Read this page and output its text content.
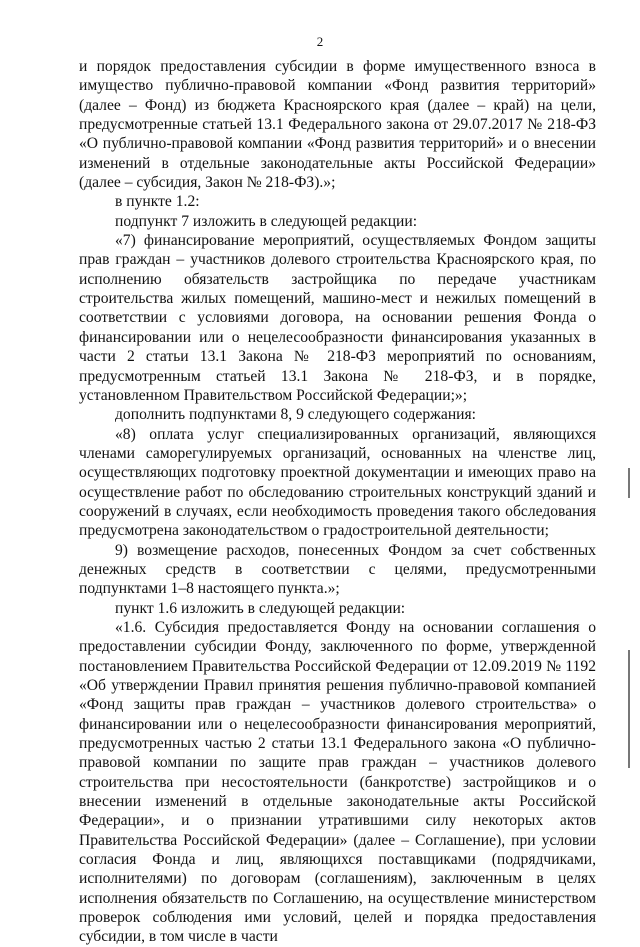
2

и порядок предоставления субсидии в форме имущественного взноса в имущество публично-правовой компании «Фонд развития территорий» (далее – Фонд) из бюджета Красноярского края (далее – край) на цели, предусмотренные статьей 13.1 Федерального закона от 29.07.2017 № 218-ФЗ «О публично-правовой компании «Фонд развития территорий» и о внесении изменений в отдельные законодательные акты Российской Федерации» (далее – субсидия, Закон № 218-ФЗ).»;

в пункте 1.2:

подпункт 7 изложить в следующей редакции:

«7) финансирование мероприятий, осуществляемых Фондом защиты прав граждан – участников долевого строительства Красноярского края, по исполнению обязательств застройщика по передаче участникам строительства жилых помещений, машино-мест и нежилых помещений в соответствии с условиями договора, на основании решения Фонда о финансировании или о нецелесообразности финансирования указанных в части 2 статьи 13.1 Закона № 218-ФЗ мероприятий по основаниям, предусмотренным статьей 13.1 Закона № 218-ФЗ, и в порядке, установленном Правительством Российской Федерации;»;

дополнить подпунктами 8, 9 следующего содержания:

«8) оплата услуг специализированных организаций, являющихся членами саморегулируемых организаций, основанных на членстве лиц, осуществляющих подготовку проектной документации и имеющих право на осуществление работ по обследованию строительных конструкций зданий и сооружений в случаях, если необходимость проведения такого обследования предусмотрена законодательством о градостроительной деятельности;

9) возмещение расходов, понесенных Фондом за счет собственных денежных средств в соответствии с целями, предусмотренными подпунктами 1–8 настоящего пункта.»;

пункт 1.6 изложить в следующей редакции:

«1.6. Субсидия предоставляется Фонду на основании соглашения о предоставлении субсидии Фонду, заключенного по форме, утвержденной постановлением Правительства Российской Федерации от 12.09.2019 № 1192 «Об утверждении Правил принятия решения публично-правовой компанией «Фонд защиты прав граждан – участников долевого строительства» о финансировании или о нецелесообразности финансирования мероприятий, предусмотренных частью 2 статьи 13.1 Федерального закона «О публично-правовой компании по защите прав граждан – участников долевого строительства при несостоятельности (банкротстве) застройщиков и о внесении изменений в отдельные законодательные акты Российской Федерации», и о признании утратившими силу некоторых актов Правительства Российской Федерации» (далее – Соглашение), при условии согласия Фонда и лиц, являющихся поставщиками (подрядчиками, исполнителями) по договорам (соглашениям), заключенным в целях исполнения обязательств по Соглашению, на осуществление министерством проверок соблюдения ими условий, целей и порядка предоставления субсидии, в том числе в части
